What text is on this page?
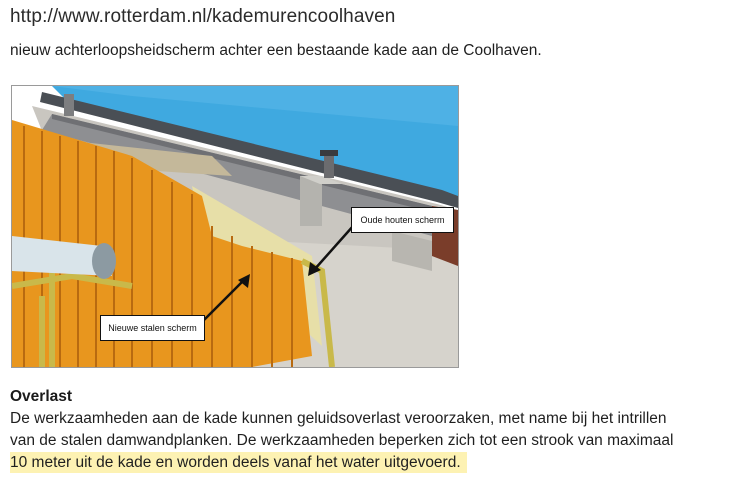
http://www.rotterdam.nl/kademurencoolhaven
nieuw achterloopsheidscherm achter een bestaande kade aan de Coolhaven.
Oude houten scherm
Nieuwe stalen scherm
Overlast
De werkzaamheden aan de kade kunnen geluidsoverlast veroorzaken, met name bij het intrillen
van de stalen damwandplanken. De werkzaamheden beperken zich tot een strook van maximaal
10 meter uit de kade en worden deels vanaf het water uitgevoerd.
